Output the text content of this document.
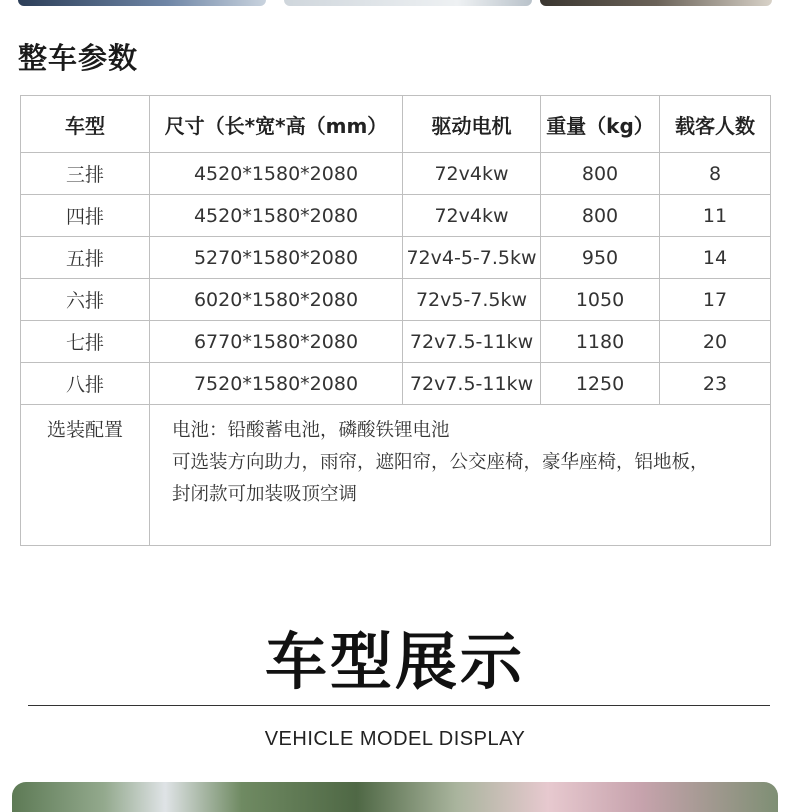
整车参数
车型	尺寸（长*宽*高（mm）	驱动电机	重量（kg）	载客人数
三排	4520*1580*2080	72v4kw	800	8
四排	4520*1580*2080	72v4kw	800	11
五排	5270*1580*2080	72v4-5-7.5kw	950	14
六排	6020*1580*2080	72v5-7.5kw	1050	17
七排	6770*1580*2080	72v7.5-11kw	1180	20
八排	7520*1580*2080	72v7.5-11kw	1250	23
选装配置	电池：铅酸蓄电池，磷酸铁锂电池
可选装方向助力，雨帘，遮阳帘，公交座椅，豪华座椅，铝地板，
封闭款可加装吸顶空调			
车型展示
VEHICLE MODEL DISPLAY
